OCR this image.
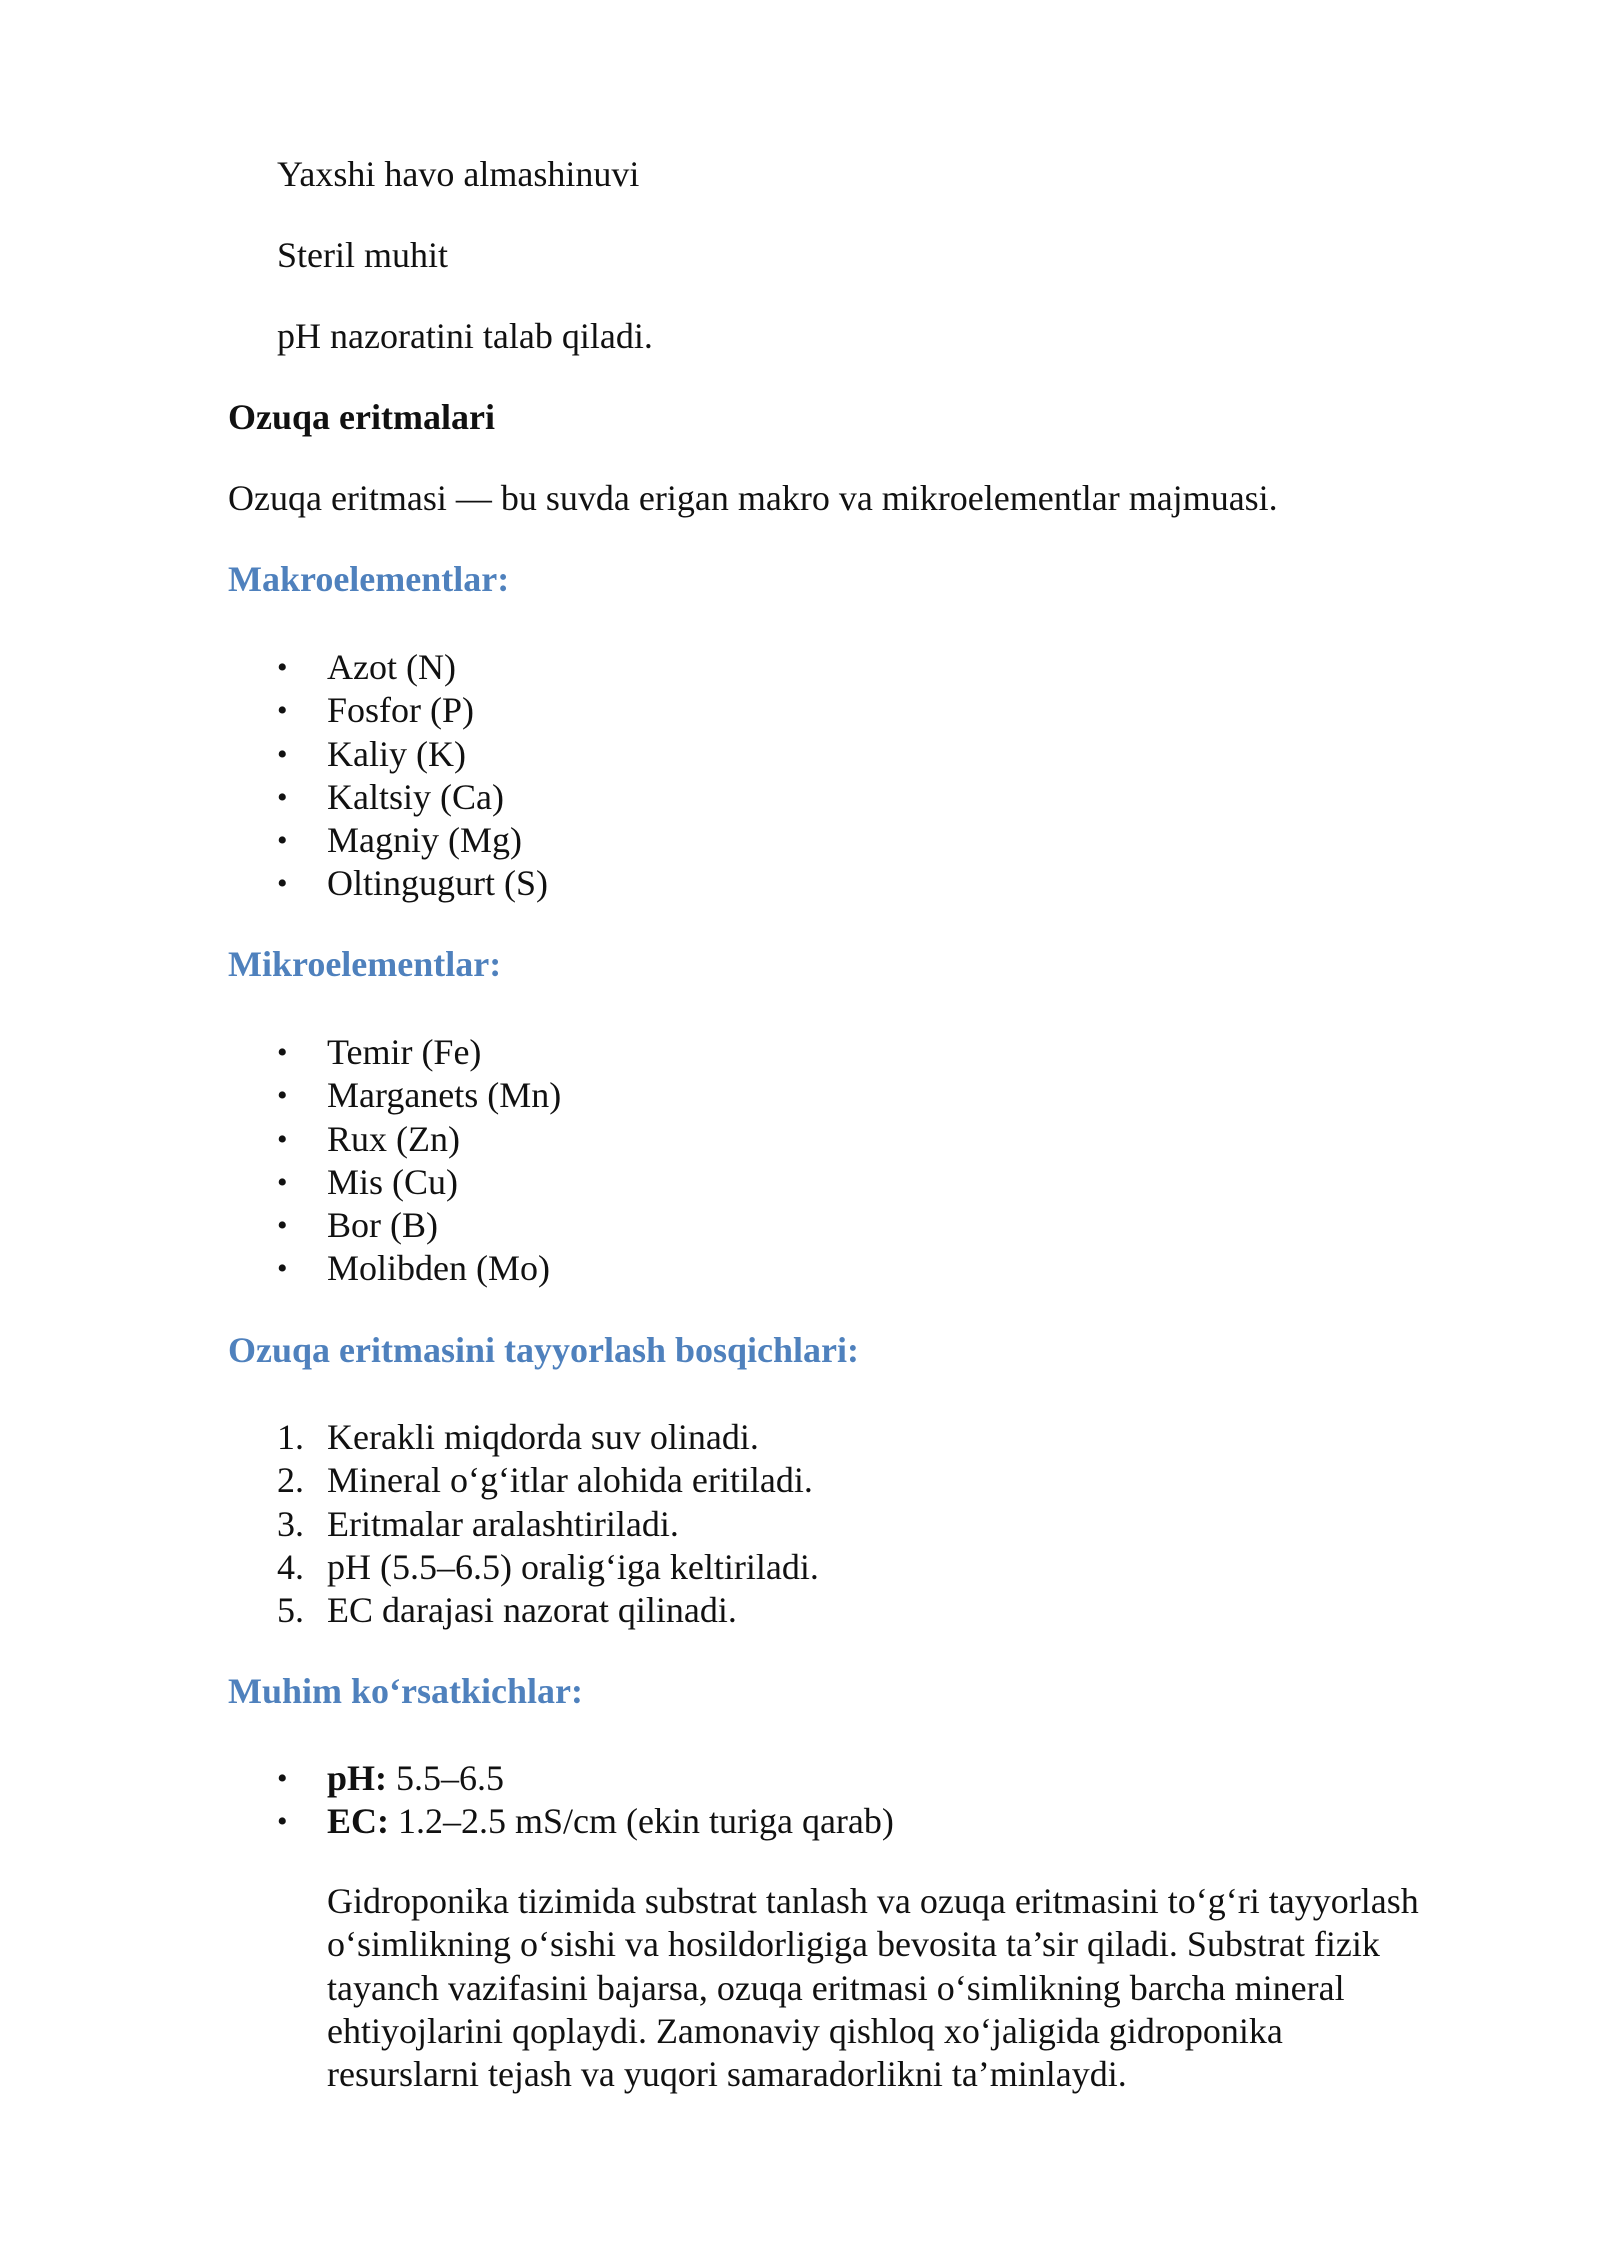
Yaxshi havo almashinuvi
Steril muhit
pH nazoratini talab qiladi.
Ozuqa eritmalari
Ozuqa eritmasi — bu suvda erigan makro va mikroelementlar majmuasi.
Makroelementlar:
•	Azot (N)
•	Fosfor (P)
•	Kaliy (K)
•	Kaltsiy (Ca)
•	Magniy (Mg)
•	Oltingugurt (S)
Mikroelementlar:
•	Temir (Fe)
•	Marganets (Mn)
•	Rux (Zn)
•	Mis (Cu)
•	Bor (B)
•	Molibden (Mo)
Ozuqa eritmasini tayyorlash bosqichlari:
1. Kerakli miqdorda suv olinadi.
2. Mineral o‘g‘itlar alohida eritiladi.
3. Eritmalar aralashtiriladi.
4. pH (5.5–6.5) oralig‘iga keltiriladi.
5. EC darajasi nazorat qilinadi.
Muhim ko‘rsatkichlar:
•	pH: 5.5–6.5
•	EC: 1.2–2.5 mS/cm (ekin turiga qarab)
Gidroponika tizimida substrat tanlash va ozuqa eritmasini to‘g‘ri tayyorlash
o‘simlikning o‘sishi va hosildorligiga bevosita ta’sir qiladi. Substrat fizik
tayanch vazifasini bajarsa, ozuqa eritmasi o‘simlikning barcha mineral
ehtiyojlarini qoplaydi. Zamonaviy qishloq xo‘jaligida gidroponika
resurslarni tejash va yuqori samaradorlikni ta’minlaydi.
